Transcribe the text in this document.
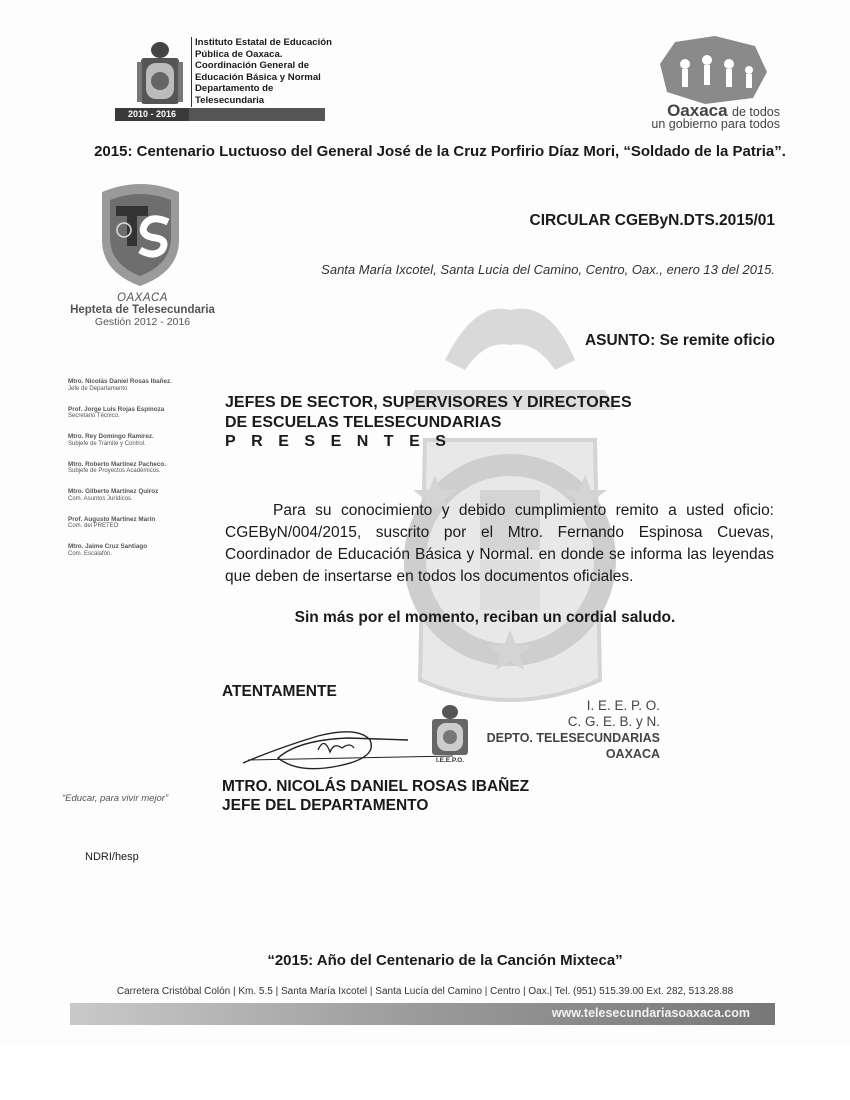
Instituto Estatal de Educación
Pública de Oaxaca.
Coordinación General de
Educación Básica y Normal
Departamento de
Telesecundaria
2010 - 2016	Oaxaca de todos
un gobierno para todos
2015: Centenario Luctuoso del General José de la Cruz Porfirio Díaz Mori, “Soldado de la Patria”.
OAXACA
Hepteta de Telesecundaria
Gestión 2012 - 2016
Mtro. Nicolás Daniel Rosas Ibañez.
Jefe de Departamento
Prof. Jorge Luis Rojas Espinoza
Secretario Técnico.
Mtro. Rey Domingo Ramírez.
Subjefe de Trámite y Control.
Mtro. Roberto Martínez Pacheco.
Subjefe de Proyectos Académicos.
Mtro. Gilberto Martínez Quiroz
Com. Asuntos Jurídicos.
Prof. Augusto Martínez Marín
Com. del PRETEO
Mtro. Jaime Cruz Santiago
Com. Escalafón.
“Educar, para vivir mejor”
CIRCULAR CGEByN.DTS.2015/01
Santa María Ixcotel, Santa Lucia del Camino, Centro, Oax., enero 13 del 2015.
ASUNTO: Se remite oficio
JEFES DE SECTOR, SUPERVISORES Y DIRECTORES
DE ESCUELAS TELESECUNDARIAS
PRESENTES
Para su conocimiento y debido cumplimiento remito a usted oficio: CGEByN/004/2015, suscrito por el Mtro. Fernando Espinosa Cuevas, Coordinador de Educación Básica y Normal. en donde se informa las leyendas que deben de insertarse en todos los documentos oficiales.
Sin más por el momento, reciban un cordial saludo.
ATENTAMENTE
I.E.E.P.O.
I. E. E. P. O.
C. G. E. B. y N.
DEPTO. TELESECUNDARIAS
OAXACA
MTRO. NICOLÁS DANIEL ROSAS IBAÑEZ
JEFE DEL DEPARTAMENTO
NDRI/hesp
“2015: Año del Centenario de la Canción Mixteca”
Carretera Cristóbal Colón | Km. 5.5 | Santa María Ixcotel | Santa Lucía del Camino | Centro | Oax.| Tel. (951) 515.39.00 Ext. 282, 513.28.88
www.telesecundariasoaxaca.com
